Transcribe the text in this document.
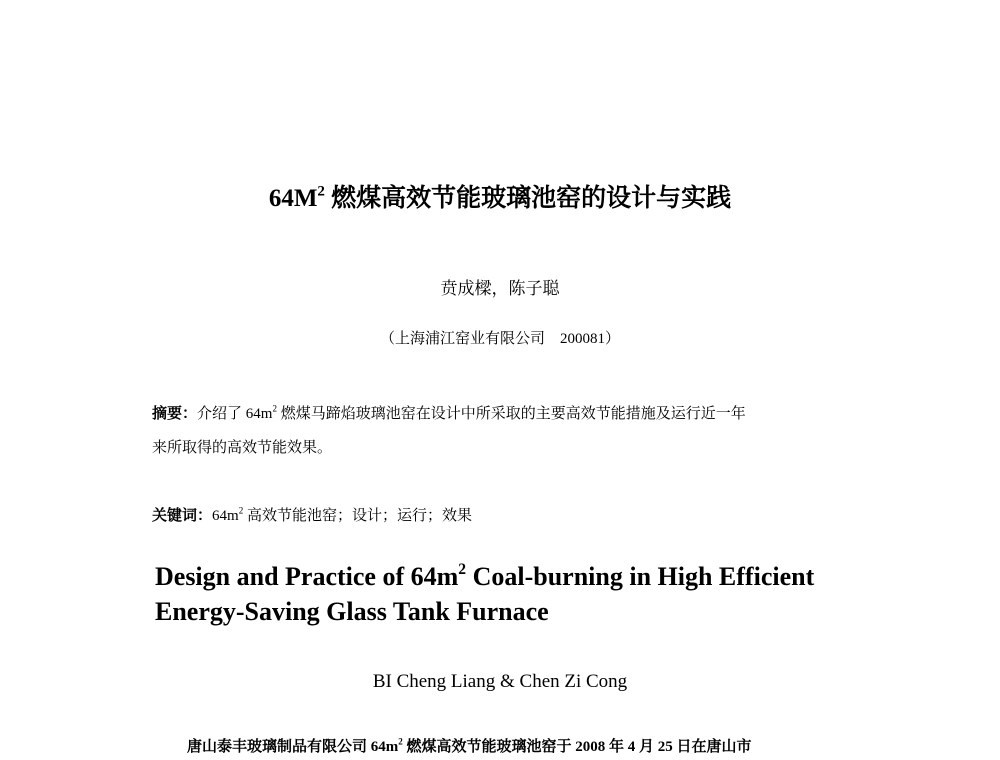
$64M^2$ 燃煤高效节能玻璃池窑的设计与实践
贲成樑，陈子聪
（上海浦江窑业有限公司　200081）
摘要：介绍了 $64m^2$ 燃煤马蹄焰玻璃池窑在设计中所采取的主要高效节能措施及运行近一年
来所取得的高效节能效果。
关键词：$64m^2$ 高效节能池窑；设计；运行；效果
Design and Practice of $64m^2$ Coal-burning in High Efficient
Energy-Saving Glass Tank Furnace
BI Cheng Liang & Chen Zi Cong
唐山泰丰玻璃制品有限公司 $64m^2$ 燃煤高效节能玻璃池窑于 2008 年 4 月 25 日在唐山市
